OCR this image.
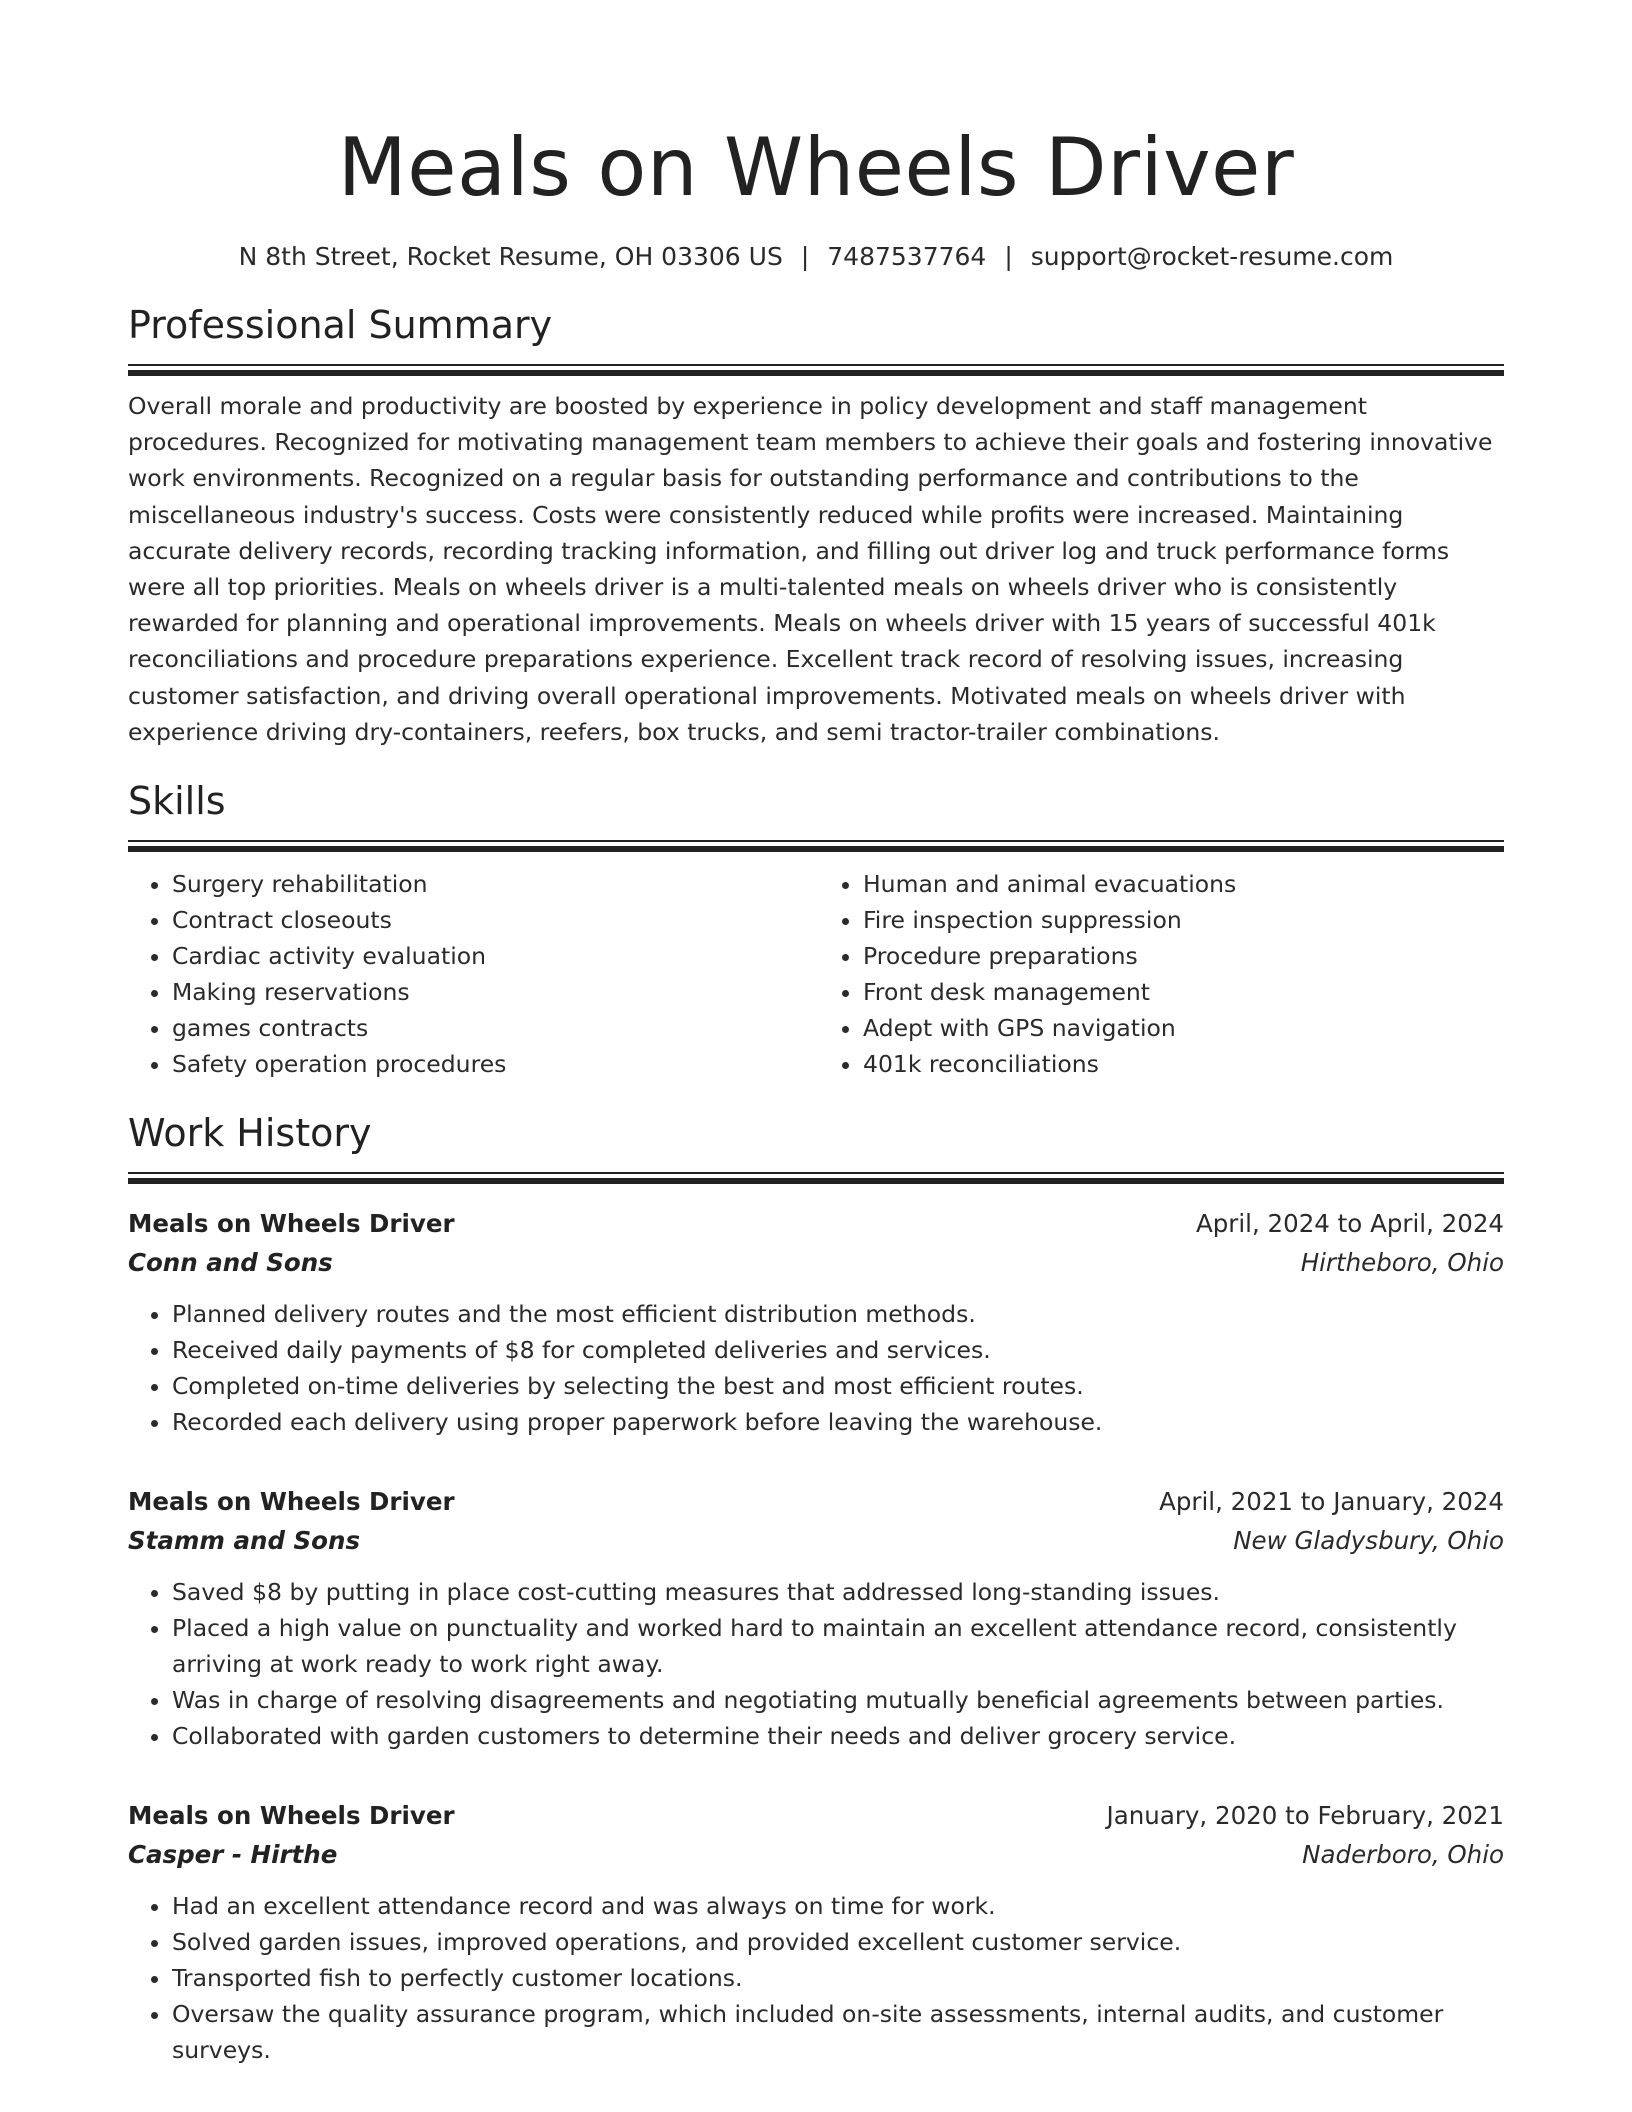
Meals on Wheels Driver
N 8th Street, Rocket Resume, OH 03306 US | 7487537764 | support@rocket-resume.com
Professional Summary

Overall morale and productivity are boosted by experience in policy development and staff management procedures. Recognized for motivating management team members to achieve their goals and fostering innovative work environments. Recognized on a regular basis for outstanding performance and contributions to the miscellaneous industry's success. Costs were consistently reduced while profits were increased. Maintaining accurate delivery records, recording tracking information, and filling out driver log and truck performance forms were all top priorities. Meals on wheels driver is a multi-talented meals on wheels driver who is consistently rewarded for planning and operational improvements. Meals on wheels driver with 15 years of successful 401k reconciliations and procedure preparations experience. Excellent track record of resolving issues, increasing customer satisfaction, and driving overall operational improvements. Motivated meals on wheels driver with experience driving dry-containers, reefers, box trucks, and semi tractor-trailer combinations.

Skills
• Surgery rehabilitation
• Contract closeouts
• Cardiac activity evaluation
• Making reservations
• games contracts
• Safety operation procedures
• Human and animal evacuations
• Fire inspection suppression
• Procedure preparations
• Front desk management
• Adept with GPS navigation
• 401k reconciliations
Work History
Meals on Wheels Driver	April, 2024 to April, 2024
Conn and Sons	Hirtheboro, Ohio
• Planned delivery routes and the most efficient distribution methods.
• Received daily payments of $8 for completed deliveries and services.
• Completed on-time deliveries by selecting the best and most efficient routes.
• Recorded each delivery using proper paperwork before leaving the warehouse.
Meals on Wheels Driver	April, 2021 to January, 2024
Stamm and Sons	New Gladysbury, Ohio
• Saved $8 by putting in place cost-cutting measures that addressed long-standing issues.
• Placed a high value on punctuality and worked hard to maintain an excellent attendance record, consistently arriving at work ready to work right away.
• Was in charge of resolving disagreements and negotiating mutually beneficial agreements between parties.
• Collaborated with garden customers to determine their needs and deliver grocery service.
Meals on Wheels Driver	January, 2020 to February, 2021
Casper - Hirthe	Naderboro, Ohio
• Had an excellent attendance record and was always on time for work.
• Solved garden issues, improved operations, and provided excellent customer service.
• Transported fish to perfectly customer locations.
• Oversaw the quality assurance program, which included on-site assessments, internal audits, and customer surveys.
